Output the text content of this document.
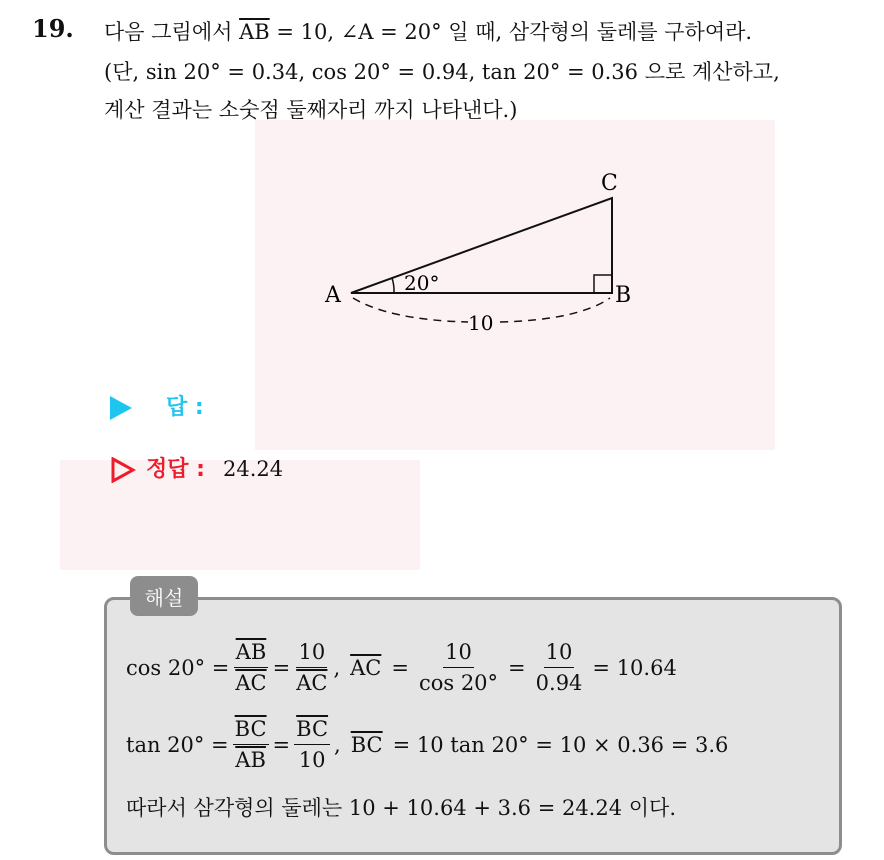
19. 다음 그림에서 $\overline{AB} = 10$, ∠A = 20° 일 때, 삼각형의 둘레를 구하여라.
(단, sin 20° = 0.34, cos 20° = 0.94, tan 20° = 0.36 으로 계산하고,
계산 결과는 소숫점 둘째자리 까지 나타낸다.)
A	B
C
20°
10
답 :
정답 : 24.24
해설
$\cos 20^\circ = \frac{\overline{AB}}{AC} = \frac{10}{AC}$ , $\overline{AC} = \frac{10}{\cos 20^\circ} = \frac{10}{0.94} = 10.64$
$\tan 20^\circ = \frac{\overline{BC}}{AB} = \frac{\overline{BC}}{10}$ , $\overline{BC} = 10$ tan 20° = 10 × 0.36 = 3.6
따라서 삼각형의 둘레는 10 + 10.64 + 3.6 = 24.24 이다.
